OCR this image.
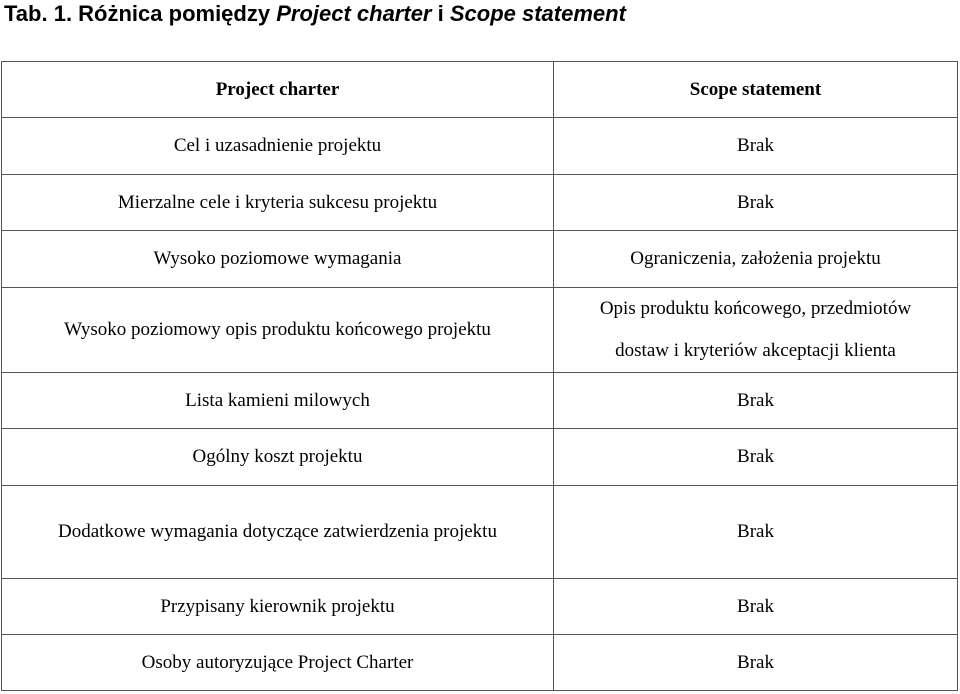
Tab. 1. Różnica pomiędzy Project charter i Scope statement
Project charter	Scope statement
Cel i uzasadnienie projektu	Brak
Mierzalne cele i kryteria sukcesu projektu	Brak
Wysoko poziomowe wymagania	Ograniczenia, założenia projektu
Wysoko poziomowy opis produktu końcowego projektu	Opis produktu końcowego, przedmiotów
dostaw i kryteriów akceptacji klienta
Lista kamieni milowych	Brak
Ogólny koszt projektu	Brak
Dodatkowe wymagania dotyczące zatwierdzenia projektu	Brak
Przypisany kierownik projektu	Brak
Osoby autoryzujące Project Charter	Brak
